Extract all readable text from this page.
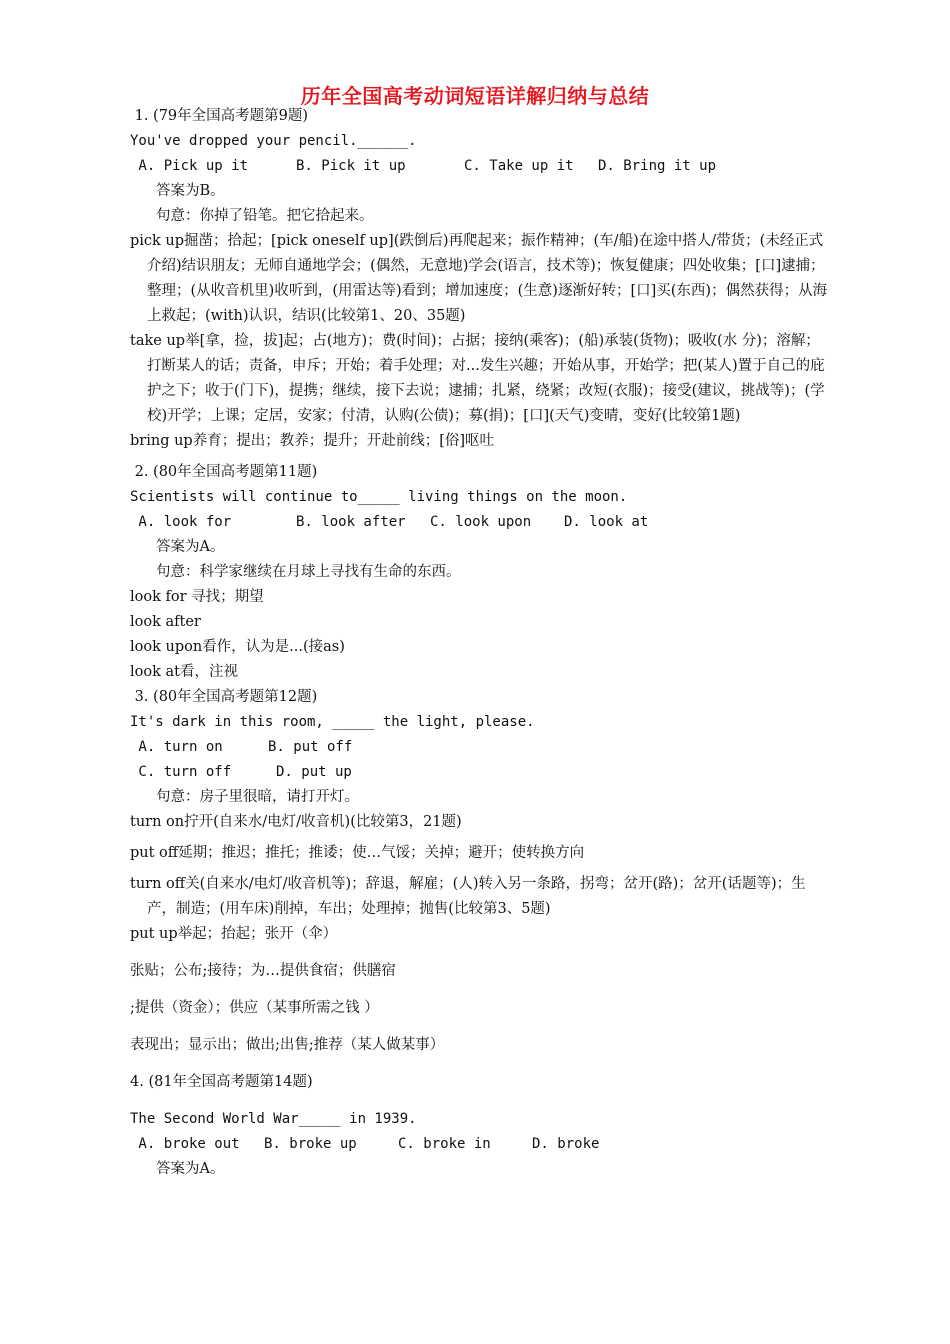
历年全国高考动词短语详解归纳与总结
1. (79年全国高考题第9题)
You've dropped your pencil.______.
A. Pick up it	B. Pick it up	C. Take up it	D. Bring it up
答案为B。
句意：你掉了铅笔。把它拾起来。
pick up掘凿；拾起；[pick oneself up](跌倒后)再爬起来；振作精神；(车/船)在途中搭人/带货；(未经正式介绍)结识朋友；无师自通地学会；(偶然，无意地)学会(语言，技术等)；恢复健康；四处收集；[口]逮捕；整理；(从收音机里)收听到，(用雷达等)看到；增加速度；(生意)逐渐好转；[口]买(东西)；偶然获得；从海上救起；(with)认识，结识(比较第1、20、35题)
take up举[拿，捡，拔]起；占(地方)；费(时间)；占据；接纳(乘客)；(船)承装(货物)；吸收(水 分)；溶解；打断某人的话；责备，申斥；开始；着手处理；对...发生兴趣；开始从事，开始学；把(某人)置于自己的庇护之下；收于(门下)，提携；继续，接下去说；逮捕；扎紧，绕紧；改短(衣服)；接受(建议，挑战等)；(学校)开学；上课；定居，安家；付清，认购(公债)；募(捐)；[口](天气)变晴，变好(比较第1题)
bring up养育；提出；教养；提升；开赴前线；[俗]呕吐
2. (80年全国高考题第11题)
Scientists will continue to_____ living things on the moon.
A. look for	B. look after	C. look upon	D. look at
答案为A。
句意：科学家继续在月球上寻找有生命的东西。
look for 寻找；期望
look after
look upon看作，认为是...(接as)
look at看，注视
3. (80年全国高考题第12题)
It's dark in this room, _____ the light, please.
A. turn on	B. put off
C. turn off	D. put up
句意：房子里很暗，请打开灯。
turn on拧开(自来水/电灯/收音机)(比较第3，21题)
put off延期；推迟；推托；推诿；使…气馁；关掉；避开；使转换方向
turn off关(自来水/电灯/收音机等)；辞退，解雇；(人)转入另一条路，拐弯；岔开(路)；岔开(话题等)；生产，制造；(用车床)削掉，车出；处理掉；抛售(比较第3、5题)
put up举起；抬起；张开（伞）
张贴；公布;接待；为…提供食宿；供膳宿
;提供（资金）；供应（某事所需之钱 ）
表现出；显示出；做出;出售;推荐（某人做某事）
4. (81年全国高考题第14题)
The Second World War_____ in 1939.
A. broke out	B. broke up	C. broke in	D. broke
答案为A。
